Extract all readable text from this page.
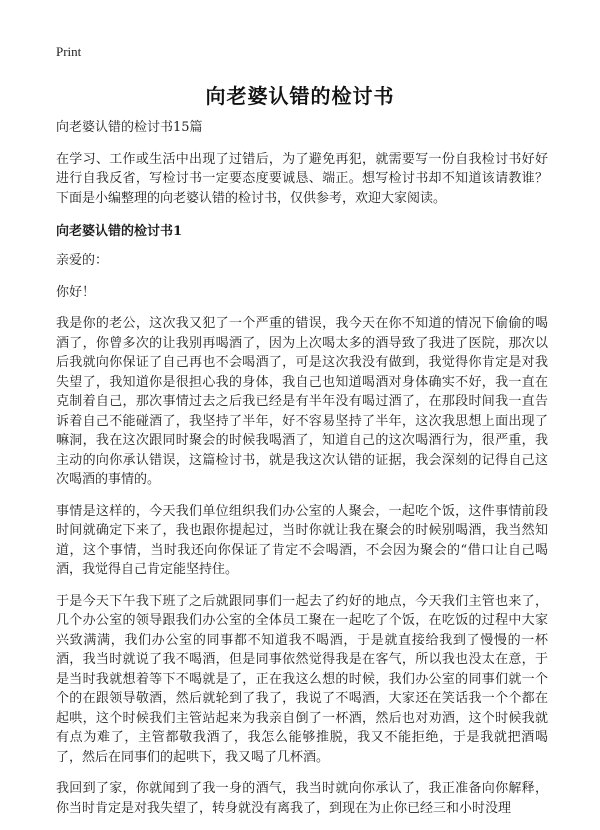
Print
向老婆认错的检讨书

向老婆认错的检讨书15篇

在学习、工作或生活中出现了过错后，为了避免再犯，就需要写一份自我检讨书好好进行自我反省，写检讨书一定要态度要诚恳、端正。想写检讨书却不知道该请教谁？下面是小编整理的向老婆认错的检讨书，仅供参考，欢迎大家阅读。

向老婆认错的检讨书1

亲爱的：

你好！

我是你的老公，这次我又犯了一个严重的错误，我今天在你不知道的情况下偷偷的喝酒了，你曾多次的让我别再喝酒了，因为上次喝太多的酒导致了我进了医院，那次以后我就向你保证了自己再也不会喝酒了，可是这次我没有做到，我觉得你肯定是对我失望了，我知道你是很担心我的身体，我自己也知道喝酒对身体确实不好，我一直在克制着自己，那次事情过去之后我已经是有半年没有喝过酒了，在那段时间我一直告诉着自己不能碰酒了，我坚持了半年，好不容易坚持了半年，这次我思想上面出现了嘛洞，我在这次跟同时聚会的时候我喝酒了，知道自己的这次喝酒行为，很严重，我主动的向你承认错误，这篇检讨书，就是我这次认错的证据，我会深刻的记得自己这次喝酒的事情的。

事情是这样的，今天我们单位组织我们办公室的人聚会，一起吃个饭，这件事情前段时间就确定下来了，我也跟你提起过，当时你就让我在聚会的时候别喝酒，我当然知道，这个事情，当时我还向你保证了肯定不会喝酒，不会因为聚会的“借口让自己喝酒，我觉得自己肯定能坚持住。

于是今天下午我下班了之后就跟同事们一起去了约好的地点，今天我们主管也来了，几个办公室的领导跟我们办公室的全体员工聚在一起吃了个饭，在吃饭的过程中大家兴致满满，我们办公室的同事都不知道我不喝酒，于是就直接给我到了慢慢的一杯酒，我当时就说了我不喝酒，但是同事依然觉得我是在客气，所以我也没太在意，于是当时我就想着等下不喝就是了，正在我这么想的时候，我们办公室的同事们就一个个的在跟领导敬酒，然后就轮到了我了，我说了不喝酒，大家还在笑话我一个个都在起哄，这个时候我们主管站起来为我亲自倒了一杯酒，然后也对劝酒，这个时候我就有点为难了，主管都敬我酒了，我怎么能够推脱，我又不能拒绝，于是我就把酒喝了，然后在同事们的起哄下，我又喝了几杯酒。

我回到了家，你就闻到了我一身的酒气，我当时就向你承认了，我正准备向你解释，你当时肯定是对我失望了，转身就没有离我了，到现在为止你已经三和小时没理
